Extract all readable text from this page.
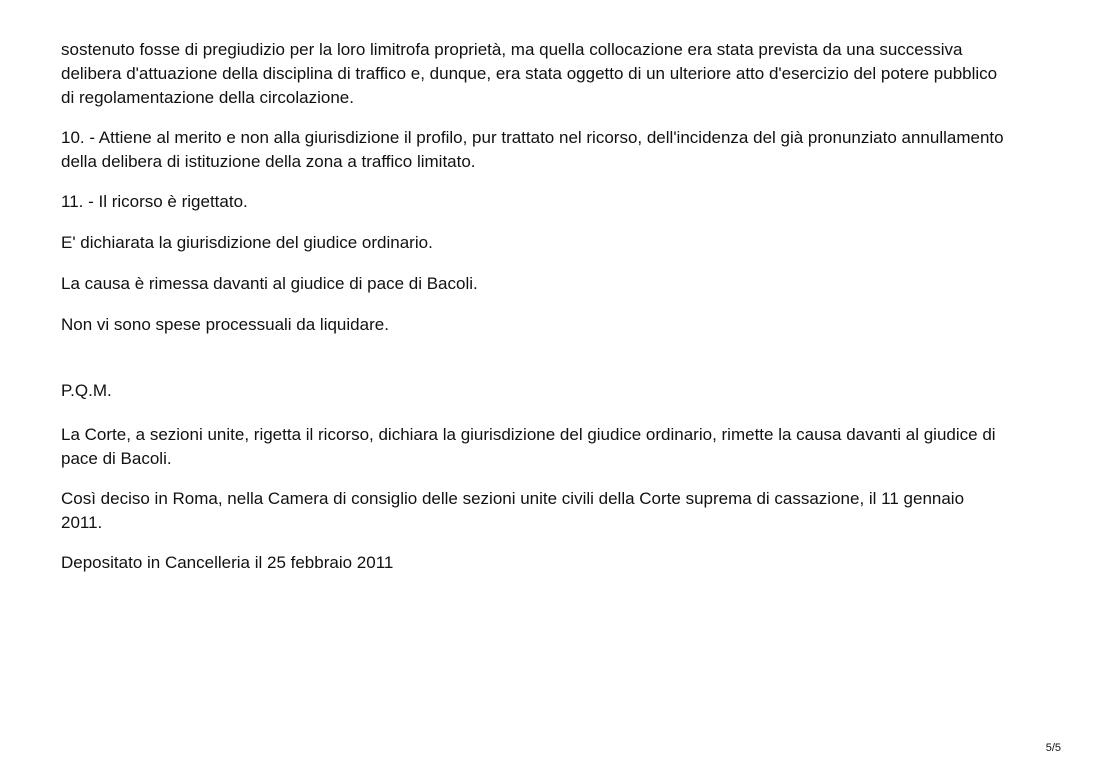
sostenuto fosse di pregiudizio per la loro limitrofa proprietà, ma quella collocazione era stata prevista da una successiva
delibera d'attuazione della disciplina di traffico e, dunque, era stata oggetto di un ulteriore atto d'esercizio del potere pubblico
di regolamentazione della circolazione.

10. - Attiene al merito e non alla giurisdizione il profilo, pur trattato nel ricorso, dell'incidenza del già pronunziato annullamento
della delibera di istituzione della zona a traffico limitato.

11. - Il ricorso è rigettato.

E' dichiarata la giurisdizione del giudice ordinario.

La causa è rimessa davanti al giudice di pace di Bacoli.

Non vi sono spese processuali da liquidare.

P.Q.M.

La Corte, a sezioni unite, rigetta il ricorso, dichiara la giurisdizione del giudice ordinario, rimette la causa davanti al giudice di
pace di Bacoli.

Così deciso in Roma, nella Camera di consiglio delle sezioni unite civili della Corte suprema di cassazione, il 11 gennaio
2011.

Depositato in Cancelleria il 25 febbraio 2011

5/5
